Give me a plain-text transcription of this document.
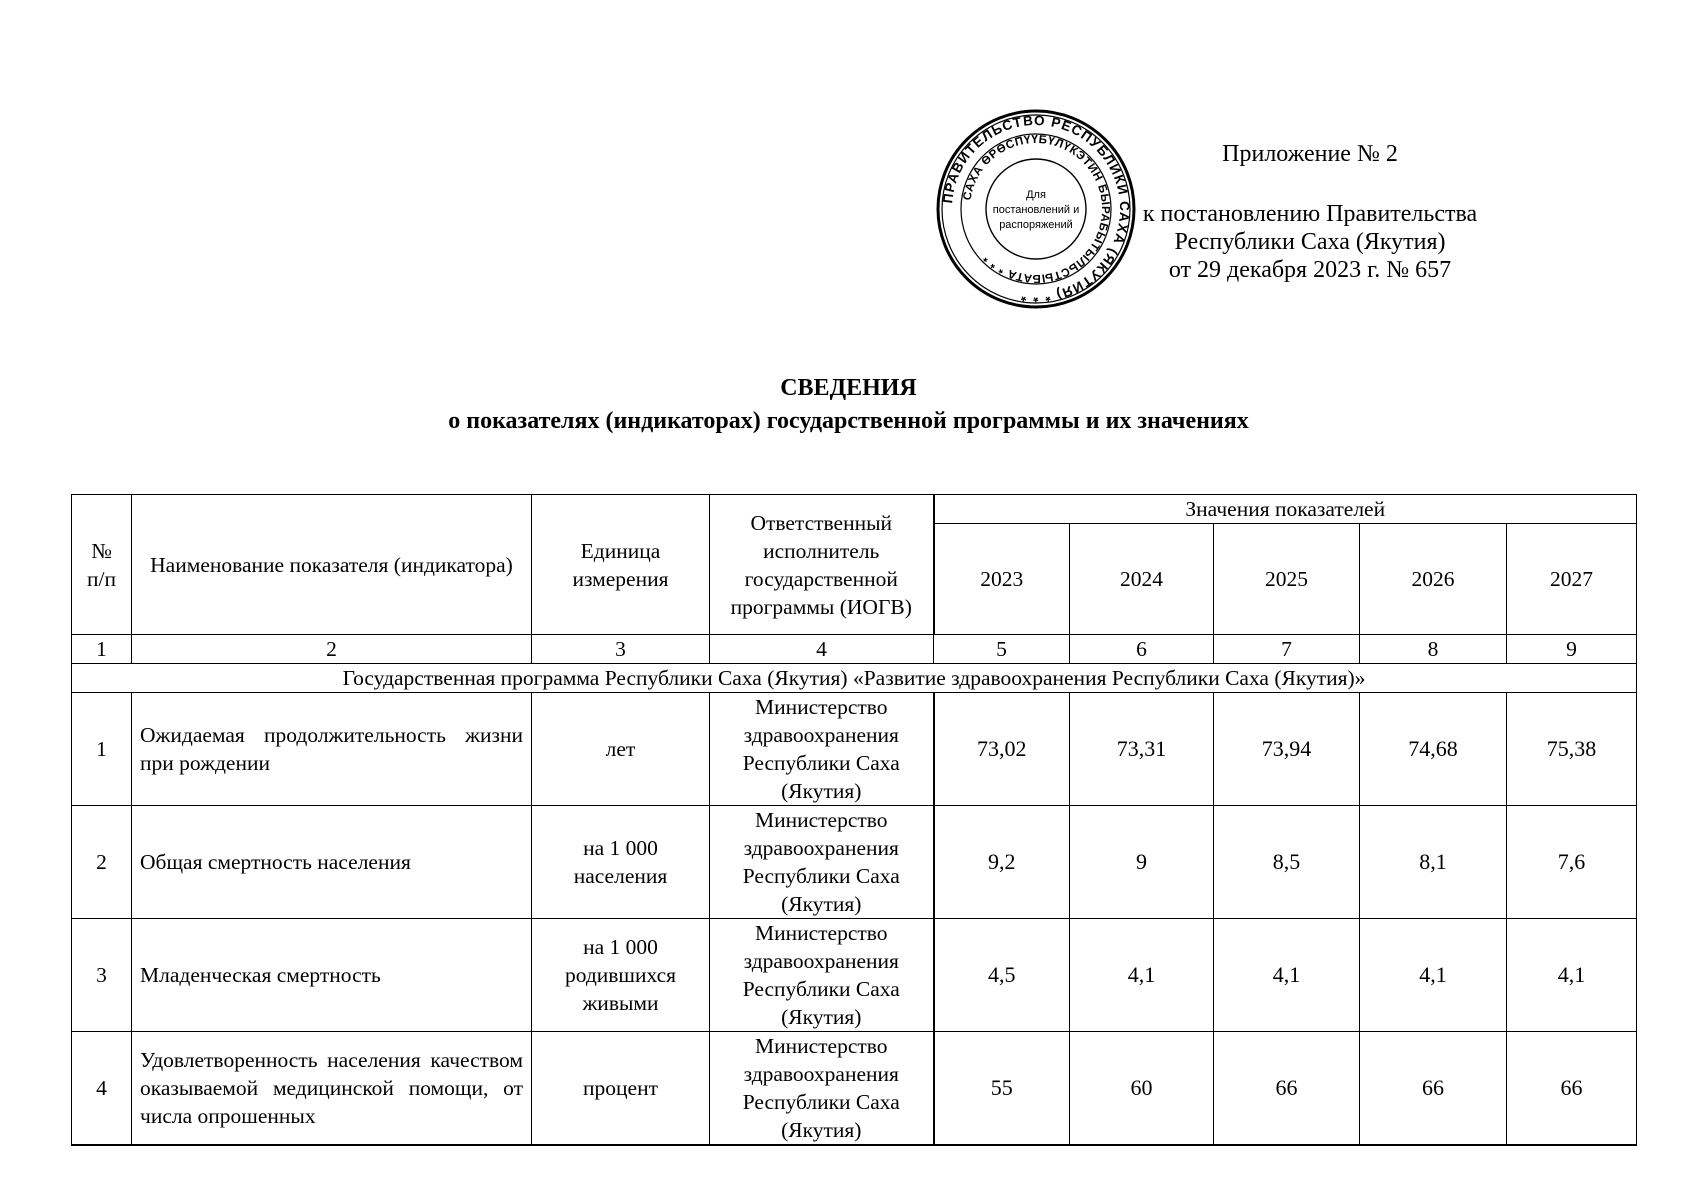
ПРАВИТЕЛЬСТВО РЕСПУБЛИКИ САХА (ЯКУТИЯ) * * *
САХА ӨРӨСПҮҮБҮЛҮКЭТИН БЫРАБЫТЫЛЬСТЫБАТА * * *
Для
постановлений и
распоряжений

Приложение № 2

к постановлению Правительства
Республики Саха (Якутия)
от 29 декабря 2023 г. № 657
СВЕДЕНИЯ
о показателях (индикаторах) государственной программы и их значениях
№ п/п	Наименование показателя (индикатора)	Единица измерения	Ответственный исполнитель государственной программы (ИОГВ)	Значения показателей				
				2023	2024	2025	2026	2027
1	2	3	4	5	6	7	8	9
Государственная программа Республики Саха (Якутия) «Развитие здравоохранения Республики Саха (Якутия)»								
1	Ожидаемая продолжительность жизни при рождении	лет	Министерство здравоохранения Республики Саха (Якутия)	73,02	73,31	73,94	74,68	75,38
2	Общая смертность населения	на 1 000 населения	Министерство здравоохранения Республики Саха (Якутия)	9,2	9	8,5	8,1	7,6
3	Младенческая смертность	на 1 000 родившихся живыми	Министерство здравоохранения Республики Саха (Якутия)	4,5	4,1	4,1	4,1	4,1
4	Удовлетворенность населения качеством оказываемой медицинской помощи, от числа опрошенных	процент	Министерство здравоохранения Республики Саха (Якутия)	55	60	66	66	66
